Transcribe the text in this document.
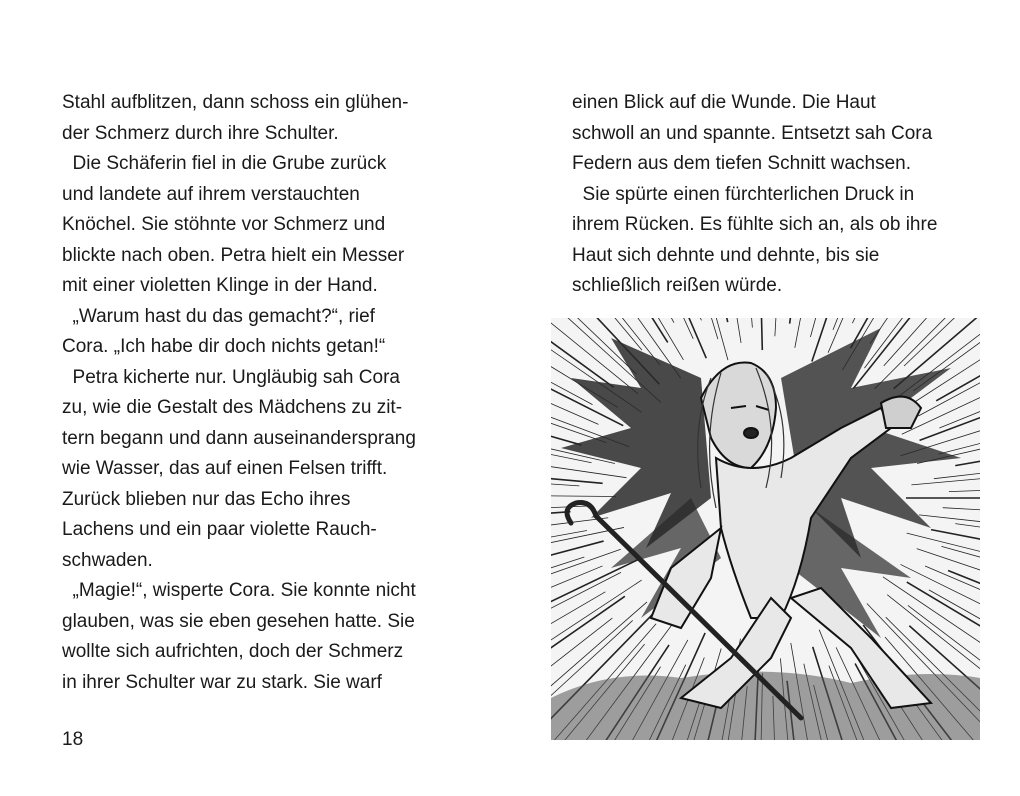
Stahl aufblitzen, dann schoss ein glühen-
der Schmerz durch ihre Schulter.
Die Schäferin fiel in die Grube zurück
und landete auf ihrem verstauchten
Knöchel. Sie stöhnte vor Schmerz und
blickte nach oben. Petra hielt ein Messer
mit einer violetten Klinge in der Hand.
„Warum hast du das gemacht?“, rief
Cora. „Ich habe dir doch nichts getan!“
Petra kicherte nur. Ungläubig sah Cora
zu, wie die Gestalt des Mädchens zu zit-
tern begann und dann auseinandersprang
wie Wasser, das auf einen Felsen trifft.
Zurück blieben nur das Echo ihres
Lachens und ein paar violette Rauch-
schwaden.
„Magie!“, wisperte Cora. Sie konnte nicht
glauben, was sie eben gesehen hatte. Sie
wollte sich aufrichten, doch der Schmerz
in ihrer Schulter war zu stark. Sie warf
einen Blick auf die Wunde. Die Haut
schwoll an und spannte. Entsetzt sah Cora
Federn aus dem tiefen Schnitt wachsen.
Sie spürte einen fürchterlichen Druck in
ihrem Rücken. Es fühlte sich an, als ob ihre
Haut sich dehnte und dehnte, bis sie
schließlich reißen würde.
18
